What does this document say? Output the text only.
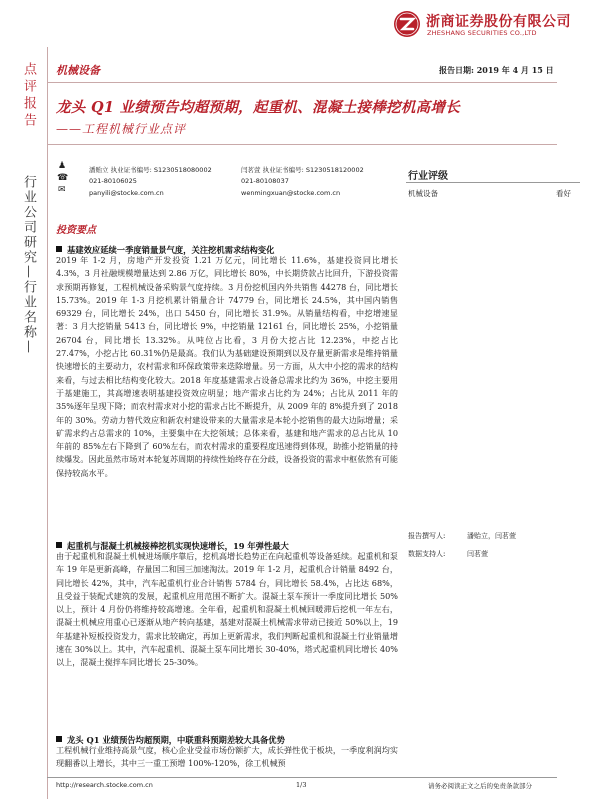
浙商证券股份有限公司
ZHESHANG SECURITIES CO.,LTD
机械设备	报告日期: 2019 年 4 月 15 日
点评报告
行业公司研究—行业名称—
龙头 Q1 业绩预告均超预期，起重机、混凝土接棒挖机高增长
——工程机械行业点评
♟
☎
✉
潘贻立 执业证书编号: S1230518080002	闫茗萱 执业证书编号: S1230518120002
021-80106025	021-80108037
panyili@stocke.com.cn	wenmingxuan@stocke.com.cn
行业评级
机械设备	看好
报告撰写人:	潘贻立，闫茗萱
数据支持人:	闫茗萱
投资要点
基建效应延续一季度销量景气度，关注挖机需求结构变化
2019 年 1-2 月，房地产开发投资 1.21 万亿元，同比增长 11.6%，基建投资同比增长 4.3%，3 月社融规模增量达到 2.86 万亿，同比增长 80%，中长期贷款占比回升，下游投资需求预期再修复，工程机械设备采购景气度持续。3 月份挖机国内外共销售 44278 台，同比增长 15.73%。2019 年 1-3 月挖机累计销量合计 74779 台，同比增长 24.5%，其中国内销售 69329 台，同比增长 24%，出口 5450 台，同比增长 31.9%。从销量结构看，中挖增速显著：3 月大挖销量 5413 台，同比增长 9%，中挖销量 12161 台，同比增长 25%，小挖销量 26704 台，同比增长 13.32%。从吨位占比看，3 月份大挖占比 12.23%，中挖占比 27.47%，小挖占比 60.31%仍是最高。我们认为基础建设预期到以及存量更新需求是维持销量快速增长的主要动力，农村需求和环保政策带来迭除增量。另一方面，从大中小挖的需求的结构来看，与过去相比结构变化较大。2018 年度基建需求占设备总需求比约为 36%，中挖主要用于基建施工，其高增速表明基建投资效应明显；地产需求占比约为 24%；占比从 2011 年的 35%逐年呈现下降；而农村需求对小挖的需求占比不断提升，从 2009 年的 8%提升到了 2018 年的 30%。劳动力替代效应和新农村建设带来的大量需求是本轮小挖销售的最大边际增量；采矿需求约占总需求的 10%，主要集中在大挖领域；总体来看，基建和地产需求的总占比从 10 年前的 85%左右下降到了 60%左右，而农村需求的重要程度迅速得到体现，助推小挖销量的持续爆发。因此虽然市场对本轮复苏周期的持续性始终存在分歧，设备投资的需求中枢依然有可能保持较高水平。
起重机与混凝土机械接棒挖机实现快速增长，19 年弹性最大
由于起重机和混凝土机械进场顺序靠后，挖机高增长趋势正在向起重机等设备延续。起重机和泵车 19 年是更新高峰，存量国二和国三加速淘汰。2019 年 1-2 月，起重机合计销量 8492 台，同比增长 42%，其中，汽车起重机行业合计销售 5784 台，同比增长 58.4%，占比达 68%，且受益于装配式建筑的发展，起重机应用范围不断扩大。混凝土泵车预计一季度同比增长 50%以上，预计 4 月份仍将维持较高增速。全年看，起重机和混凝土机械回暖滞后挖机一年左右，混凝土机械应用重心已逐渐从地产转向基建，基建对混凝土机械需求带动已接近 50%以上，19 年基建补短板投资发力，需求比较确定，再加上更新需求，我们判断起重机和混凝土行业销量增速在 30%以上。其中，汽车起重机、混凝土泵车同比增长 30-40%，塔式起重机同比增长 40%以上，混凝土搅拌车同比增长 25-30%。
龙头 Q1 业绩预告均超预期，中联重科预期差较大具备优势
工程机械行业维持高景气度，核心企业受益市场份额扩大，成长弹性优于板块，一季度利润均实现翻番以上增长，其中三一重工预增 100%-120%，徐工机械预
http://research.stocke.com.cn	1/3	请务必阅读正文之后的免责条款部分
